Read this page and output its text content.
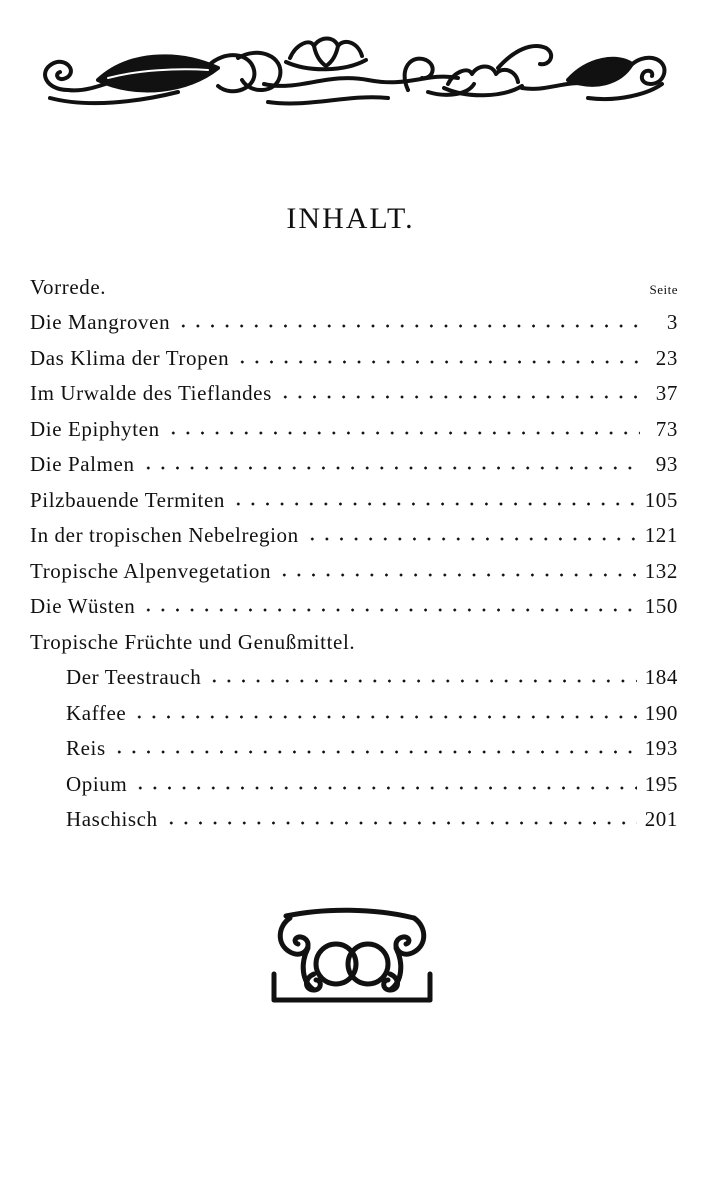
INHALT.
Vorrede.	Seite
Die Mangroven	3
Das Klima der Tropen	23
Im Urwalde des Tieflandes	37
Die Epiphyten	73
Die Palmen	93
Pilzbauende Termiten	105
In der tropischen Nebelregion	121
Tropische Alpenvegetation	132
Die Wüsten	150
Tropische Früchte und Genußmittel.
Der Teestrauch	184
Kaffee	190
Reis	193
Opium	195
Haschisch	201
